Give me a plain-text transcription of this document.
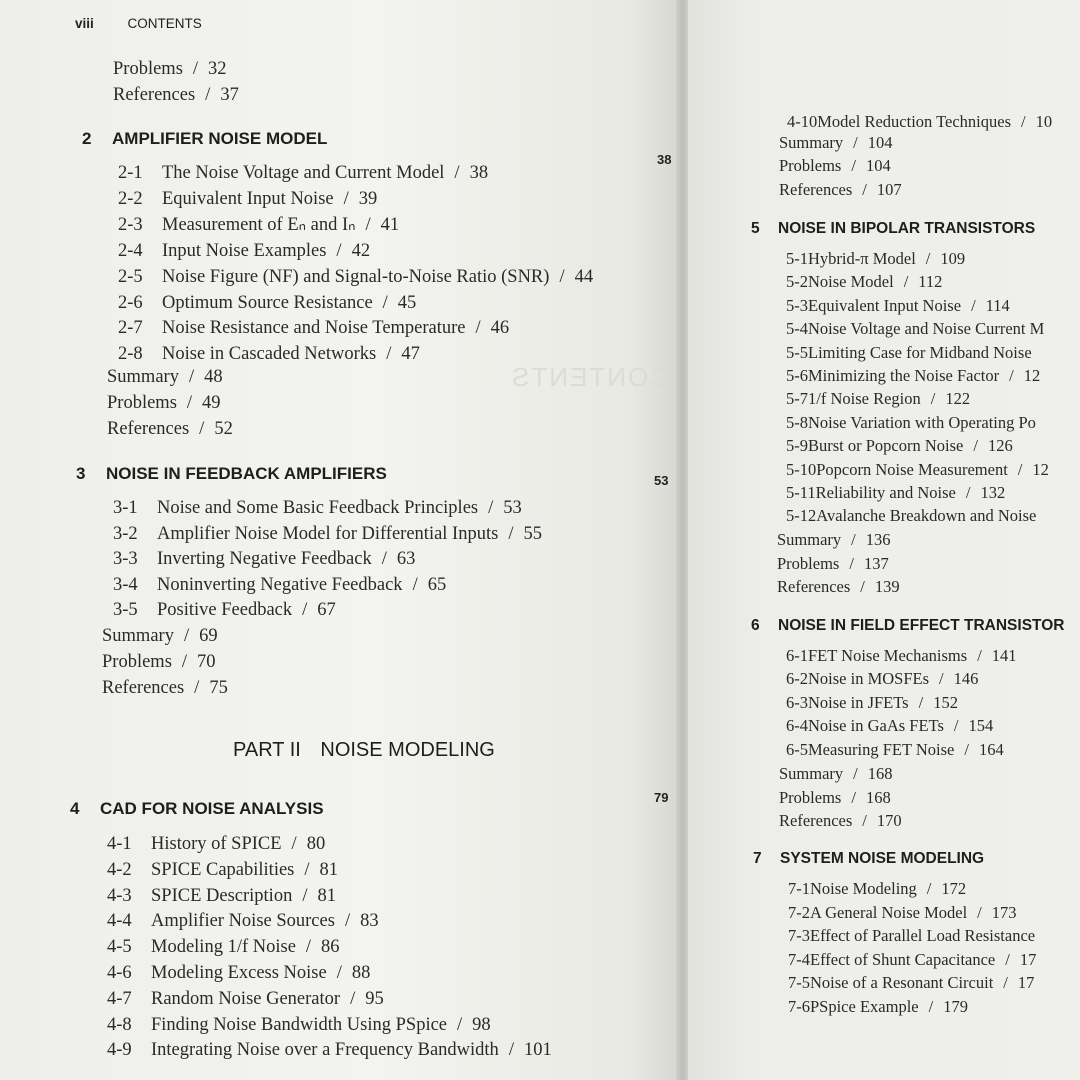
CONTENTS
viii	CONTENTS
Problems / 32
References / 37
2 AMPLIFIER NOISE MODEL
38
2-1 The Noise Voltage and Current Model / 38
2-2 Equivalent Input Noise / 39
2-3 Measurement of Eₙ and Iₙ / 41
2-4 Input Noise Examples / 42
2-5 Noise Figure (NF) and Signal-to-Noise Ratio (SNR) / 44
2-6 Optimum Source Resistance / 45
2-7 Noise Resistance and Noise Temperature / 46
2-8 Noise in Cascaded Networks / 47
Summary / 48
Problems / 49
References / 52
3 NOISE IN FEEDBACK AMPLIFIERS	53
3-1 Noise and Some Basic Feedback Principles / 53
3-2 Amplifier Noise Model for Differential Inputs / 55
3-3 Inverting Negative Feedback / 63
3-4 Noninverting Negative Feedback / 65
3-5 Positive Feedback / 67
Summary / 69
Problems / 70
References / 75
4 CAD FOR NOISE ANALYSIS
79
4-1 History of SPICE / 80
4-2 SPICE Capabilities / 81
4-3 SPICE Description / 81
4-4 Amplifier Noise Sources / 83
4-5 Modeling 1/f Noise / 86
4-6 Modeling Excess Noise / 88
4-7 Random Noise Generator / 95
4-8 Finding Noise Bandwidth Using PSpice / 98
4-9 Integrating Noise over a Frequency Bandwidth / 101
PART II NOISE MODELING
4-10Model Reduction Techniques / 10
Summary / 104
Problems / 104
References / 107
5 NOISE IN BIPOLAR TRANSISTORS
5-1Hybrid-π Model / 109
5-2Noise Model / 112
5-3Equivalent Input Noise / 114
5-4Noise Voltage and Noise Current M
5-5Limiting Case for Midband Noise
5-6Minimizing the Noise Factor / 12
5-71/f Noise Region / 122
5-8Noise Variation with Operating Po
5-9Burst or Popcorn Noise / 126
5-10Popcorn Noise Measurement / 12
5-11Reliability and Noise / 132
5-12Avalanche Breakdown and Noise
Summary / 136
Problems / 137
References / 139
6 NOISE IN FIELD EFFECT TRANSISTOR
6-1FET Noise Mechanisms / 141
6-2Noise in MOSFEs / 146
6-3Noise in JFETs / 152
6-4Noise in GaAs FETs / 154
6-5Measuring FET Noise / 164
Summary / 168
Problems / 168
References / 170
7 SYSTEM NOISE MODELING
7-1Noise Modeling / 172
7-2A General Noise Model / 173
7-3Effect of Parallel Load Resistance
7-4Effect of Shunt Capacitance / 17
7-5Noise of a Resonant Circuit / 17
7-6PSpice Example / 179
